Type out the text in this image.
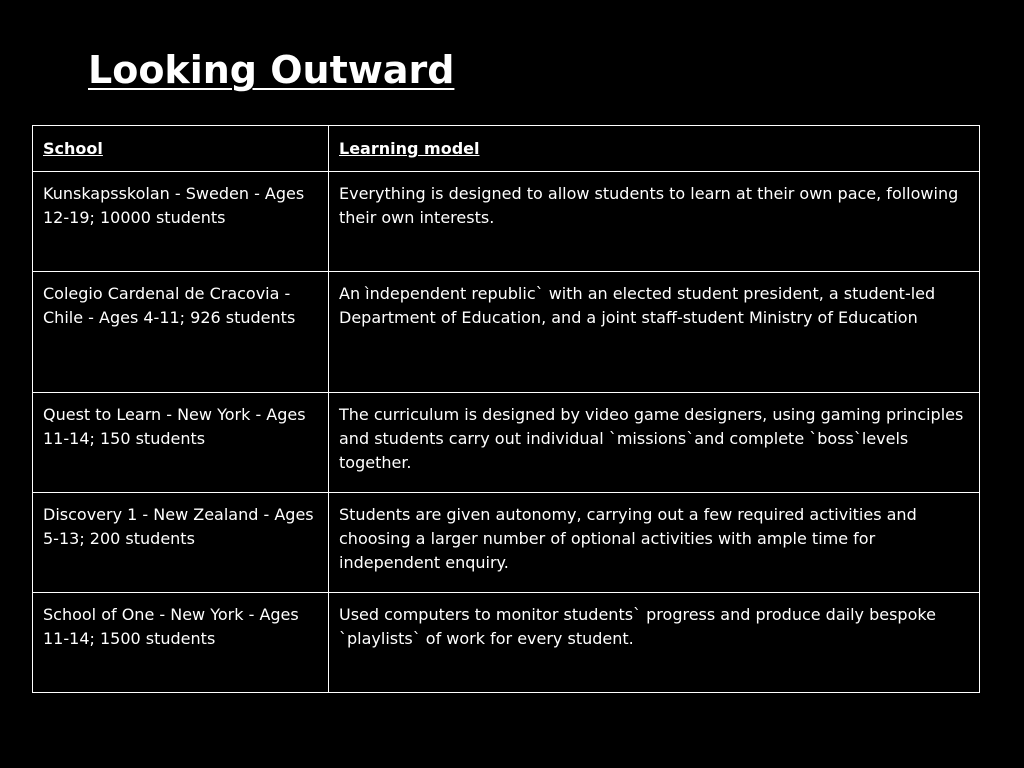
Looking Outward
School	Learning model
Kunskapsskolan - Sweden - Ages 12-19; 10000 students	Everything is designed to allow students to learn at their own pace, following their own interests.
Colegio Cardenal de Cracovia - Chile - Ages 4-11; 926 students	An ìndependent republic` with an elected student president, a student-led Department of Education, and a joint staff-student Ministry of Education
Quest to Learn - New York - Ages 11-14; 150 students	The curriculum is designed by video game designers, using gaming principles and students carry out individual `missions`and complete `boss`levels together.
Discovery 1 - New Zealand - Ages 5-13; 200 students	Students are given autonomy, carrying out a few required activities and choosing a larger number of optional activities with ample time for independent enquiry.
School of One - New York - Ages 11-14; 1500 students	Used computers to monitor students` progress and produce daily bespoke `playlists` of work for every student.
